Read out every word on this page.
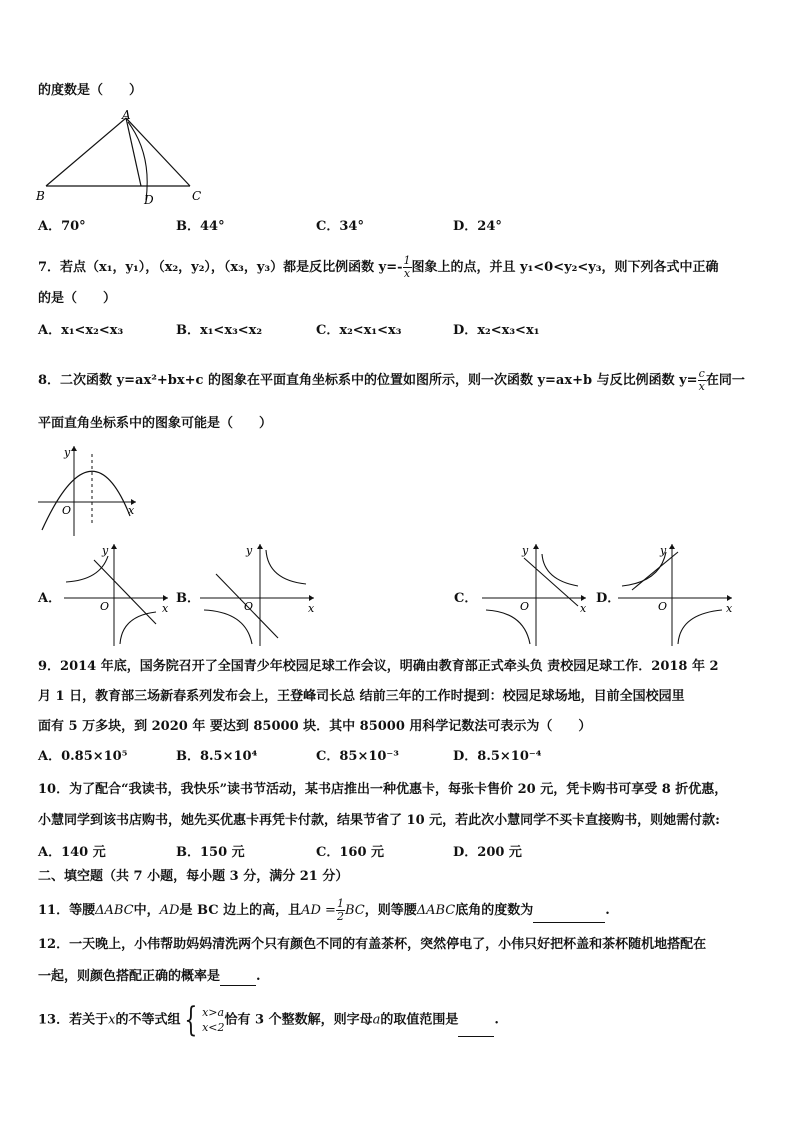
的度数是（　　）
A
B	D	C
A．70°	B．44°	C．34°	D．24°
7．若点（x₁，y₁），（x₂，y₂），（x₃，y₃）都是反比例函数 $y=- \frac{1}{x}$ 图象上的点，并且 y₁<0<y₂<y₃，则下列各式中正确
的是（　　）
A．x₁<x₂<x₃	B．x₁<x₃<x₂	C．x₂<x₁<x₃	D．x₂<x₃<x₁
8．二次函数 y=ax²+bx+c 的图象在平面直角坐标系中的位置如图所示，则一次函数 y=ax+b 与反比例函数 $y= \frac{c}{x}$ 在同一
平面直角坐标系中的图象可能是（　　）
y
x
O
A．
y
x
O
B．
y
x
O
C．
y
x
O
D．
y
x
O
9．2014 年底，国务院召开了全国青少年校园足球工作会议，明确由教育部正式牵头负 责校园足球工作．2018 年 2
月 1 日，教育部三场新春系列发布会上，王登峰司长总 结前三年的工作时提到：校园足球场地，目前全国校园里
面有 5 万多块，到 2020 年 要达到 85000 块．其中 85000 用科学记数法可表示为（　　）
A．0.85×10⁵	B．8.5×10⁴	C．85×10⁻³	D．8.5×10⁻⁴
10．为了配合“我读书，我快乐”读书节活动，某书店推出一种优惠卡，每张卡售价 20 元，凭卡购书可享受 8 折优惠，
小慧同学到该书店购书，她先买优惠卡再凭卡付款，结果节省了 10 元，若此次小慧同学不买卡直接购书，则她需付款:
A．140 元	B．150 元	C．160 元	D．200 元
二、填空题（共 7 小题，每小题 3 分，满分 21 分）
11．等腰ΔABC中，AD是 BC 边上的高，且AD = $\frac{1}{2}$ BC，则等腰ΔABC底角的度数为	.
12．一天晚上，小伟帮助妈妈清洗两个只有颜色不同的有盖茶杯，突然停电了，小伟只好把杯盖和茶杯随机地搭配在
一起，则颜色搭配正确的概率是	.
13．若关于x的不等式组 { x>a
x<2 恰有 3 个整数解，则字母a的取值范围是	.
